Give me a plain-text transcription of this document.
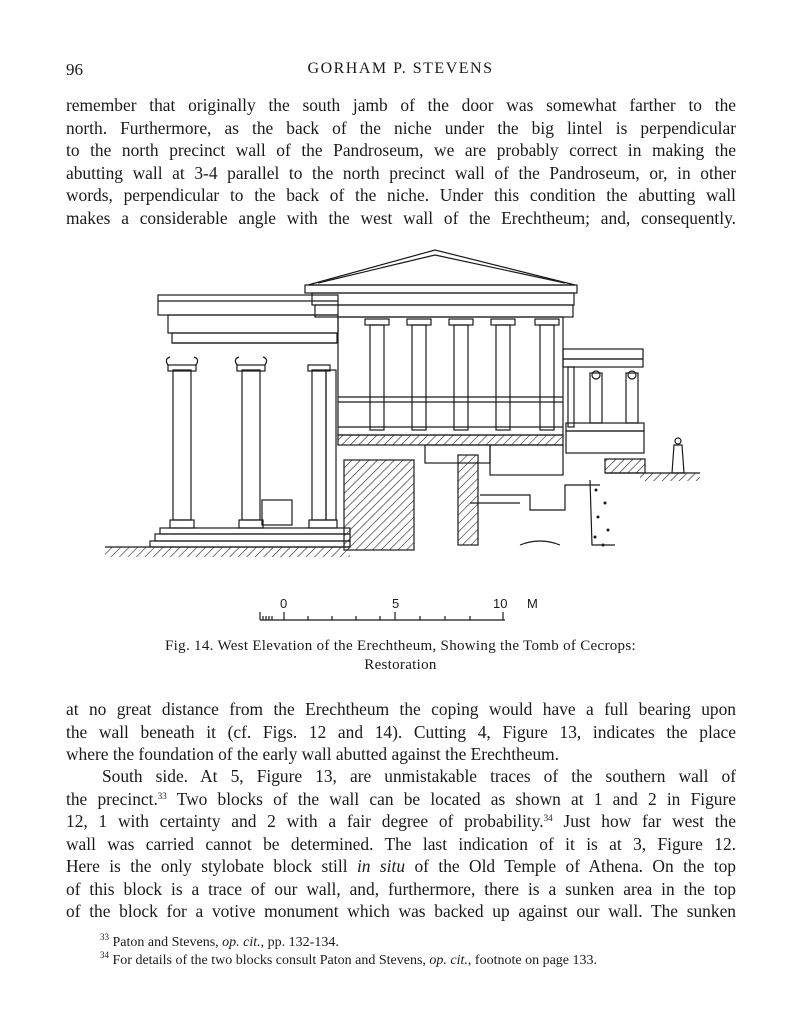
96	GORHAM P. STEVENS

remember that originally the south jamb of the door was somewhat farther to the
north. Furthermore, as the back of the niche under the big lintel is perpendicular
to the north precinct wall of the Pandroseum, we are probably correct in making the
abutting wall at 3-4 parallel to the north precinct wall of the Pandroseum, or, in other
words, perpendicular to the back of the niche. Under this condition the abutting wall
makes a considerable angle with the west wall of the Erechtheum; and, consequently.

0	5	10 M
Fig. 14. West Elevation of the Erechtheum, Showing the Tomb of Cecrops:
Restoration

at no great distance from the Erechtheum the coping would have a full bearing upon
the wall beneath it (cf. Figs. 12 and 14). Cutting 4, Figure 13, indicates the place
where the foundation of the early wall abutted against the Erechtheum.

South side. At 5, Figure 13, are unmistakable traces of the southern wall of
the precinct.$^{33}$ Two blocks of the wall can be located as shown at 1 and 2 in Figure
12, 1 with certainty and 2 with a fair degree of probability.$^{34}$ Just how far west the
wall was carried cannot be determined. The last indication of it is at 3, Figure 12.
Here is the only stylobate block still in situ of the Old Temple of Athena. On the top
of this block is a trace of our wall, and, furthermore, there is a sunken area in the top
of the block for a votive monument which was backed up against our wall. The sunken

$^{33}$ Paton and Stevens, op. cit., pp. 132-134.
$^{34}$ For details of the two blocks consult Paton and Stevens, op. cit., footnote on page 133.
